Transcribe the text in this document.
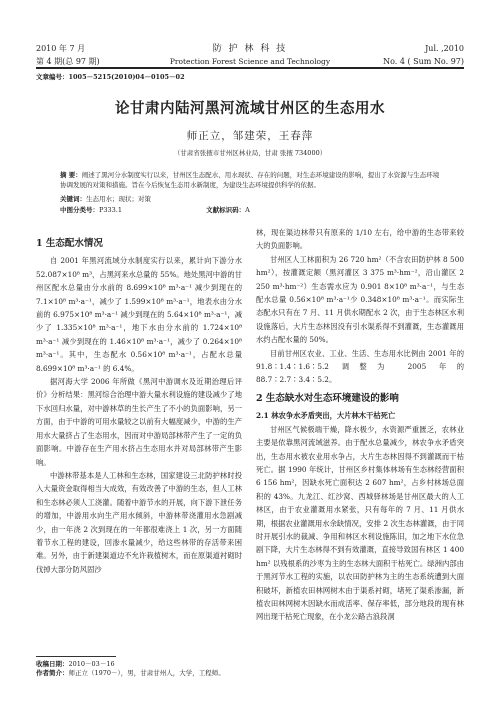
2010 年 7 月
第 4 期(总 97 期)
防 护 林 科 技
Protection Forest Science and Technology
Jul. ,2010
No. 4 ( Sum No. 97)
文章编号：1005－5215(2010)04－0105－02
论甘肃内陆河黑河流域甘州区的生态用水
师正立，邹建荣，王春萍
（甘肃省张掖市甘州区林业局，甘肃 张掖 734000）
摘 要：阐述了黑河分水制度实行以来，甘州区生态配水、用水现状、存在的问题，对生态环境建设的影响，提出了水资源与生态环境协调发展的对策和措施。旨在今后恢复生态用水新制度，为建设生态环境提供科学的依据。
关键词：生态用水；现状；对策
中图分类号：P333.1	文献标识码：A
1 生态配水情况

自 2001 年黑河流域分水制度实行以来，累计向下游分水 52.087×10⁸ m³，占黑河来水总量的 55%。地处黑河中游的甘州区配水总量由分水前的 8.699×10⁸ m³·a⁻¹ 减少到现在的 7.1×10⁸ m³·a⁻¹，减少了 1.599×10⁸ m³·a⁻¹，地表水由分水前的 6.975×10⁸ m³·a⁻¹ 减少到现在的 5.64×10⁸ m³·a⁻¹，减少了 1.335×10⁸ m³·a⁻¹，地下水由分水前的 1.724×10⁸ m³·a⁻¹ 减少到现在的 1.46×10⁸ m³·a⁻¹，减少了 0.264×10⁸ m³·a⁻¹。其中，生态配水 0.56×10⁸ m³·a⁻¹，占配水总量 8.699×10⁸ m³·a⁻¹ 的 6.4%。

据河海大学 2006 年所做《黑河中游调水及近期治理后评价》分析结果：黑河综合治理中游大量水利设施的建设减少了地下水回归水量，对中游林草的生长产生了不小的负面影响，另一方面，由于中游的可用水量较之以前有大幅度减少，中游的生产用水大量挤占了生态用水，因而对中游局部林带产生了一定的负面影响。中游存在生产用水挤占生态用水并对局部林带产生影响。

中游林带基本是人工林和生态林，国家建设三北防护林时投入大量资金取得相当大成效，有效改善了中游的生态，但人工林和生态林必须人工浇灌。随着中游节水的开展，向下游下泄任务的增加，中游用水向生产用水倾斜，中游林带浇灌用水急剧减少，由一年浇 2 次到现在的一年都很难浇上 1 次，另一方面随着节水工程的建设，回渗水量减少，给这些林带的存活带来困难。另外，由于新建渠道边不允许栽植树木，而在原渠道衬砌时伐掉大部分防风固沙

林，现在渠边林带只有原来的 1/10 左右，给中游的生态带来较大的负面影响。

甘州区人工林面积为 26 720 hm²（不含农田防护林 8 500 hm²），按灌溉定额（黑河灌区 3 375 m³·hm⁻²，沿山灌区 2 250 m³·hm⁻²）生态需水应为 0.901 8×10⁸ m³·a⁻¹，与生态配水总量 0.56×10⁸ m³·a⁻¹少 0.348×10⁸ m³·a⁻¹。而实际生态配水只有在 7 月、11 月供水期配水 2 次，由于生态林区水利设施落后，大片生态林因没有引水渠系得不到灌溉，生态灌溉用水约占配水量的 50%。

目前甘州区农业、工业、生活、生态用水比例由 2001 年的 91.8∶1.4∶1.6∶5.2 调整为 2005 年的 88.7∶2.7∶3.4∶5.2。

2 生态缺水对生态环境建设的影响
2.1 林农争水矛盾突出，大片林木干枯死亡

甘州区气候极端干燥，降水极少，水资源严重匮乏，农林业主要是依靠黑河流域滋养。由于配水总量减少，林农争水矛盾突出，生态用水被农业用水争占，大片生态林因得不到灌溉而干枯死亡。据 1990 年统计，甘州区乡村集体林场有生态林经营面积 6 156 hm²，因缺水死亡面积达 2 607 hm²，占乡村林场总面积的 43%。九龙江、红沙窝、西城驿林场是甘州区最大的人工林区，由于农业灌溉用水紧张，只有每年的 7 月、11 月供水期，根据农业灌溉用水余缺情况，安排 2 次生态林灌溉，由于同时开展引水的裁减、争用和林区水利设施陈旧，加之地下水位急剧下降，大片生态林得不到有效灌溉，直接导致国有林区 1 400 hm² 以残根系的沙枣为主的生态林大面积干枯死亡。绿洲内部由于黑河节水工程的实施，以农田防护林为主的生态系统遭到大面积破坏，新植农田林网树木由于渠系衬砌，堵死了渠系渗漏，新植农田林网树木因缺水而成活率、保存率低，部分地段的现有林网出现干枯死亡现象，在小龙公路古浪段洞

收稿日期：2010－03－16
作者简介：师正立（1970－），男，甘肃甘州人，大学，工程师。
